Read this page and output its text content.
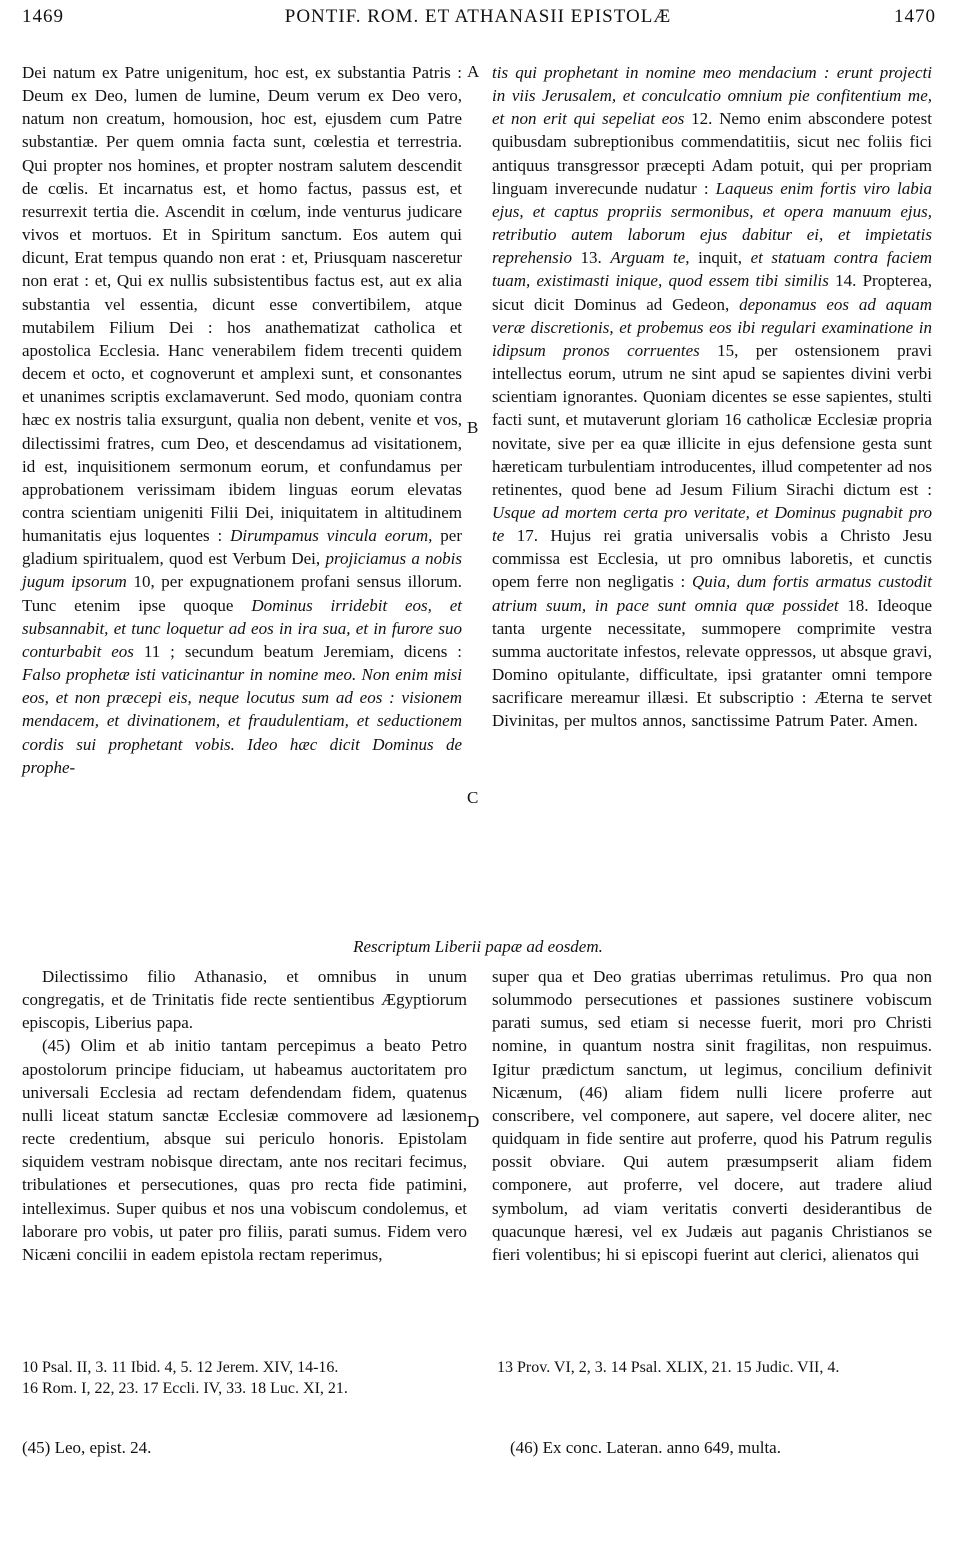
1469	PONTIF. ROM. ET ATHANASII EPISTOLÆ	1470

Dei natum ex Patre unigenitum, hoc est, ex substantia Patris : Deum ex Deo, lumen de lumine, Deum verum ex Deo vero, natum non creatum, homousion, hoc est, ejusdem cum Patre substantiæ. Per quem omnia facta sunt, cœlestia et terrestria. Qui propter nos homines, et propter nostram salutem descendit de cœlis. Et incarnatus est, et homo factus, passus est, et resurrexit tertia die. Ascendit in cœlum, inde venturus judicare vivos et mortuos. Et in Spiritum sanctum. Eos autem qui dicunt, Erat tempus quando non erat : et, Priusquam nasceretur non erat : et, Qui ex nullis subsistentibus factus est, aut ex alia substantia vel essentia, dicunt esse convertibilem, atque mutabilem Filium Dei : hos anathematizat catholica et apostolica Ecclesia. Hanc venerabilem fidem trecenti quidem decem et octo, et cognoverunt et amplexi sunt, et consonantes et unanimes scriptis exclamaverunt. Sed modo, quoniam contra hæc ex nostris talia exsurgunt, qualia non debent, venite et vos, dilectissimi fratres, cum Deo, et descendamus ad visitationem, id est, inquisitionem sermonum eorum, et confundamus per approbationem verissimam ibidem linguas eorum elevatas contra scientiam unigeniti Filii Dei, iniquitatem in altitudinem humanitatis ejus loquentes : Dirumpamus vincula eorum, per gladium spiritualem, quod est Verbum Dei, projiciamus a nobis jugum ipsorum 10, per expugnationem profani sensus illorum. Tunc etenim ipse quoque Dominus irridebit eos, et subsannabit, et tunc loquetur ad eos in ira sua, et in furore suo conturbabit eos 11 ; secundum beatum Jeremiam, dicens : Falso prophetæ isti vaticinantur in nomine meo. Non enim misi eos, et non præcepi eis, neque locutus sum ad eos : visionem mendacem, et divinationem, et fraudulentiam, et seductionem cordis sui prophetant vobis. Ideo hæc dicit Dominus de prophe-

tis qui prophetant in nomine meo mendacium : erunt projecti in viis Jerusalem, et conculcatio omnium pie confitentium me, et non erit qui sepeliat eos 12. Nemo enim abscondere potest quibusdam subreptionibus commendatitiis, sicut nec foliis fici antiquus transgressor præcepti Adam potuit, qui per propriam linguam inverecunde nudatur : Laqueus enim fortis viro labia ejus, et captus propriis sermonibus, et opera manuum ejus, retributio autem laborum ejus dabitur ei, et impietatis reprehensio 13. Arguam te, inquit, et statuam contra faciem tuam, existimasti inique, quod essem tibi similis 14. Propterea, sicut dicit Dominus ad Gedeon, deponamus eos ad aquam veræ discretionis, et probemus eos ibi regulari examinatione in idipsum pronos corruentes 15, per ostensionem pravi intellectus eorum, utrum ne sint apud se sapientes divini verbi scientiam ignorantes. Quoniam dicentes se esse sapientes, stulti facti sunt, et mutaverunt gloriam 16 catholicæ Ecclesiæ propria novitate, sive per ea quæ illicite in ejus defensione gesta sunt hæreticam turbulentiam introducentes, illud competenter ad nos retinentes, quod bene ad Jesum Filium Sirachi dictum est : Usque ad mortem certa pro veritate, et Dominus pugnabit pro te 17. Hujus rei gratia universalis vobis a Christo Jesu commissa est Ecclesia, ut pro omnibus laboretis, et cunctis opem ferre non negligatis : Quia, dum fortis armatus custodit atrium suum, in pace sunt omnia quæ possidet 18. Ideoque tanta urgente necessitate, summopere comprimite vestra summa auctoritate infestos, relevate oppressos, ut absque gravi, Domino opitulante, difficultate, ipsi gratanter omni tempore sacrificare mereamur illæsi. Et subscriptio : Æterna te servet Divinitas, per multos annos, sanctissime Patrum Pater. Amen.

A
B
C
D
Rescriptum Liberii papæ ad eosdem.

Dilectissimo filio Athanasio, et omnibus in unum congregatis, et de Trinitatis fide recte sentientibus Ægyptiorum episcopis, Liberius papa.

(45) Olim et ab initio tantam percepimus a beato Petro apostolorum principe fiduciam, ut habeamus auctoritatem pro universali Ecclesia ad rectam defendendam fidem, quatenus nulli liceat statum sanctæ Ecclesiæ commovere ad læsionem recte credentium, absque sui periculo honoris. Epistolam siquidem vestram nobisque directam, ante nos recitari fecimus, tribulationes et persecutiones, quas pro recta fide patimini, intelleximus. Super quibus et nos una vobiscum condolemus, et laborare pro vobis, ut pater pro filiis, parati sumus. Fidem vero Nicæni concilii in eadem epistola rectam reperimus,

super qua et Deo gratias uberrimas retulimus. Pro qua non solummodo persecutiones et passiones sustinere vobiscum parati sumus, sed etiam si necesse fuerit, mori pro Christi nomine, in quantum nostra sinit fragilitas, non respuimus. Igitur prædictum sanctum, ut legimus, concilium definivit Nicænum, (46) aliam fidem nulli licere proferre aut conscribere, vel componere, aut sapere, vel docere aliter, nec quidquam in fide sentire aut proferre, quod his Patrum regulis possit obviare. Qui autem præsumpserit aliam fidem componere, aut proferre, vel docere, aut tradere aliud symbolum, ad viam veritatis converti desiderantibus de quacunque hæresi, vel ex Judæis aut paganis Christianos se fieri volentibus; hi si episcopi fuerint aut clerici, alienatos qui

10 Psal. II, 3. 11 Ibid. 4, 5. 12 Jerem. XIV, 14-16.
16 Rom. I, 22, 23. 17 Eccli. IV, 33. 18 Luc. XI, 21.
13 Prov. VI, 2, 3. 14 Psal. XLIX, 21. 15 Judic. VII, 4.
(45) Leo, epist. 24.	(46) Ex conc. Lateran. anno 649, multa.
